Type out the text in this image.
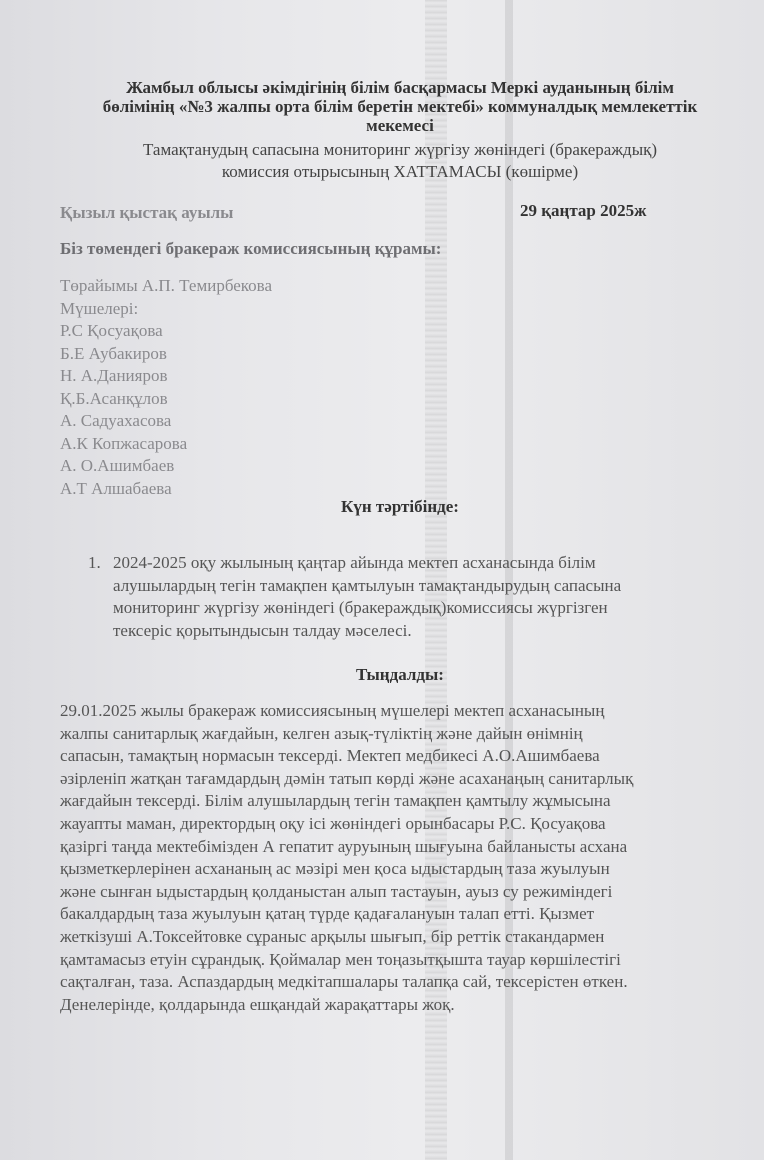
Жамбыл облысы әкімдігінің білім басқармасы Меркі ауданының білім
бөлімінің «№3 жалпы орта білім беретін мектебі» коммуналдық мемлекеттік
мекемесі
Тамақтанудың сапасына мониторинг жүргізу жөніндегі (бракераждық)
комиссия отырысының ХАТТАМАСЫ (көшірме)
Қызыл қыстақ ауылы	29 қаңтар 2025ж
Біз төмендегі бракераж комиссиясының құрамы:
Төрайымы А.П. Темирбекова
Мүшелері:
Р.С Қосуақова
Б.Е Аубакиров
Н. А.Данияров
Қ.Б.Асанқұлов
А. Садуахасова
А.К Копжасарова
А. О.Ашимбаев
А.Т Алшабаева
Күн тәртібінде:
1. 2024-2025 оқу жылының қаңтар айында мектеп асханасында білім
алушылардың тегін тамақпен қамтылуын тамақтандырудың сапасына
мониторинг жүргізу жөніндегі (бракераждық)комиссиясы жүргізген
тексеріс қорытындысын талдау мәселесі.
Тыңдалды:
29.01.2025 жылы бракераж комиссиясының мүшелері мектеп асханасының
жалпы санитарлық жағдайын, келген азық-түліктің және дайын өнімнің
сапасын, тамақтың нормасын тексерді. Мектеп медбикесі А.О.Ашимбаева
әзірленіп жатқан тағамдардың дәмін татып көрді және асаханаңың санитарлық
жағдайын тексерді. Білім алушылардың тегін тамақпен қамтылу жұмысына
жауапты маман, директордың оқу ісі жөніндегі орынбасары Р.С. Қосуақова
қазіргі таңда мектебімізден А гепатит ауруының шығуына байланысты асхана
қызметкерлерінен асхананың ас мәзірі мен қоса ыдыстардың таза жуылуын
және сынған ыдыстардың қолданыстан алып тастауын, ауыз су режиміндегі
бакалдардың таза жуылуын қатаң түрде қадағалануын талап етті. Қызмет
жеткізуші А.Токсейтовке сұраныс арқылы шығып, бір реттік стакандармен
қамтамасыз етуін сұрандық. Қоймалар мен тоңазытқышта тауар көршілестігі
сақталған, таза. Аспаздардың медкітапшалары талапқа сай, тексерістен өткен.
Денелерінде, қолдарында ешқандай жарақаттары жоқ.
